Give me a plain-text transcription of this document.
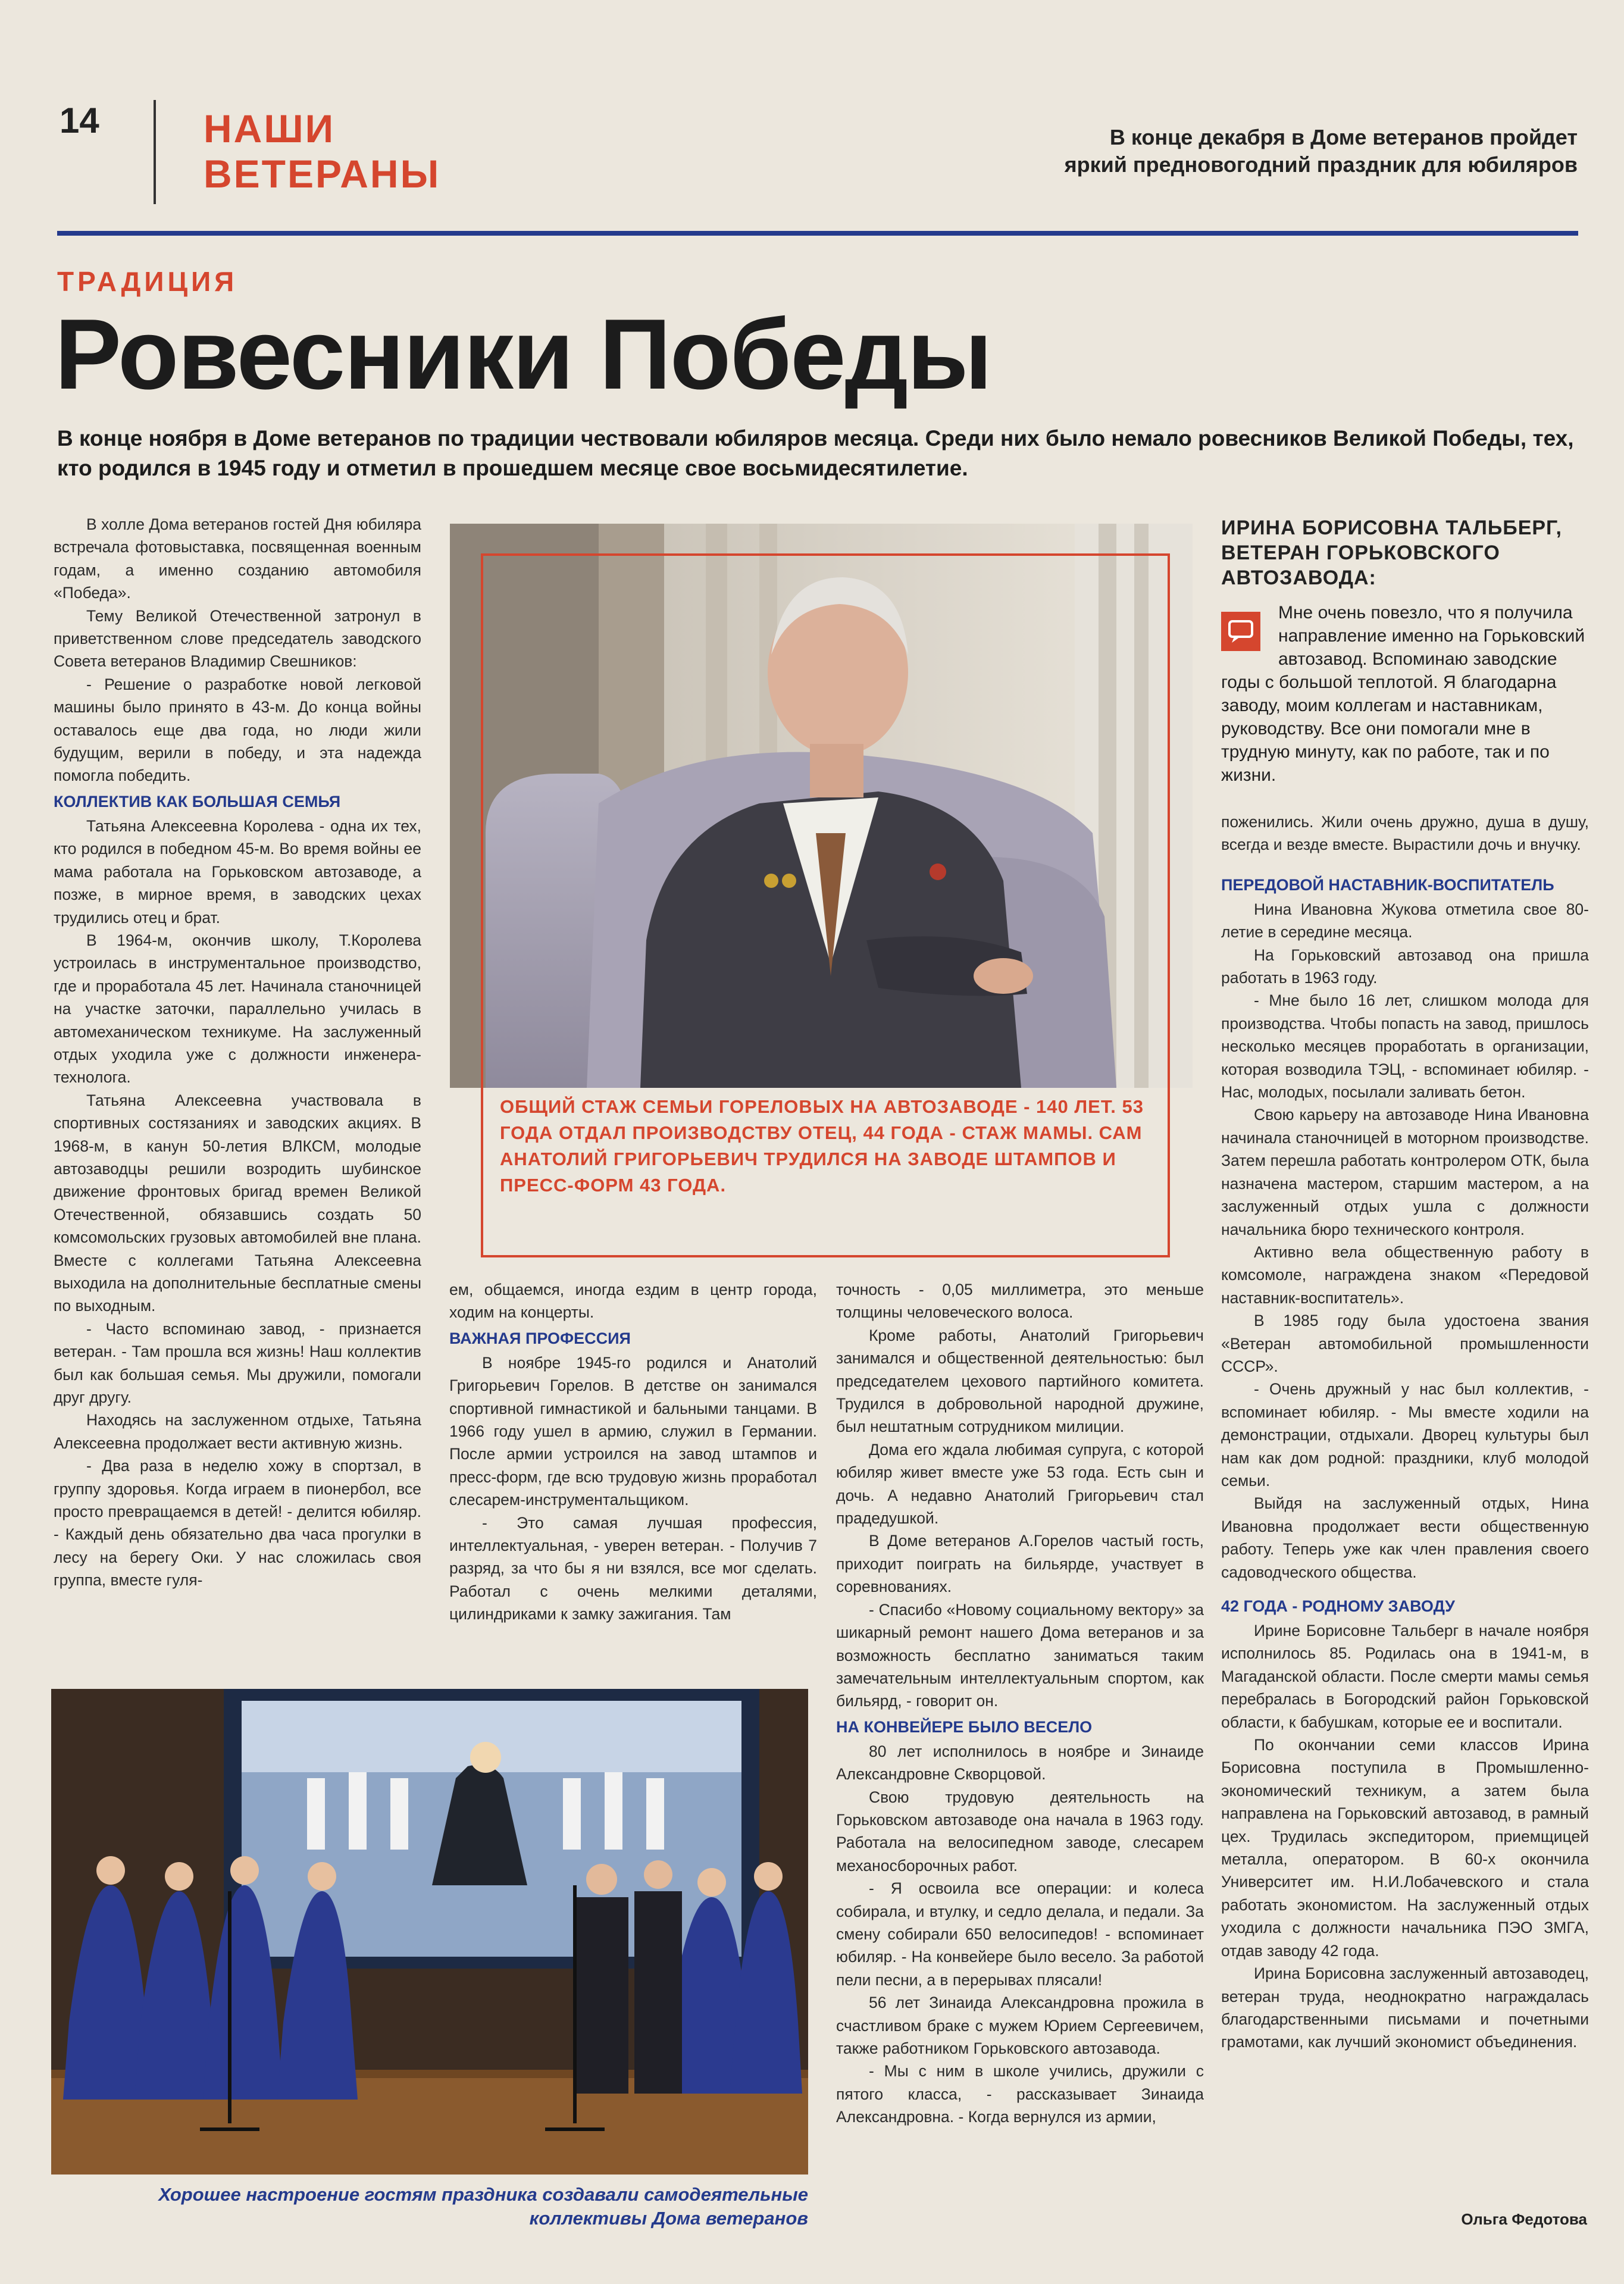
14	НАШИ
ВЕТЕРАНЫ
В конце декабря в Доме ветеранов пройдет яркий предновогодний праздник для юбиляров
ТРАДИЦИЯ
Ровесники Победы
В конце ноября в Доме ветеранов по традиции чествовали юбиляров месяца. Среди них было немало ровесников Великой Победы, тех, кто родился в 1945 году и отметил в прошедшем месяце свое восьмидесятилетие.

В холле Дома ветеранов гостей Дня юбиляра встречала фотовыставка, посвященная военным годам, а именно созданию автомобиля «Победа».

Тему Великой Отечественной затронул в приветственном слове председатель заводского Совета ветеранов Владимир Свешников:

- Решение о разработке новой легковой машины было принято в 43-м. До конца войны оставалось еще два года, но люди жили будущим, верили в победу, и эта надежда помогла победить.

КОЛЛЕКТИВ КАК БОЛЬШАЯ СЕМЬЯ

Татьяна Алексеевна Королева - одна их тех, кто родился в победном 45-м. Во время войны ее мама работала на Горьковском автозаводе, а позже, в мирное время, в заводских цехах трудились отец и брат.

В 1964-м, окончив школу, Т.Королева устроилась в инструментальное производство, где и проработала 45 лет. Начинала станочницей на участке заточки, параллельно училась в автомеханическом техникуме. На заслуженный отдых уходила уже с должности инженера-технолога.

Татьяна Алексеевна участвовала в спортивных состязаниях и заводских акциях. В 1968-м, в канун 50-летия ВЛКСМ, молодые автозаводцы решили возродить шубинское движение фронтовых бригад времен Великой Отечественной, обязавшись создать 50 комсомольских грузовых автомобилей вне плана. Вместе с коллегами Татьяна Алексеевна выходила на дополнительные бесплатные смены по выходным.

- Часто вспоминаю завод, - признается ветеран. - Там прошла вся жизнь! Наш коллектив был как большая семья. Мы дружили, помогали друг другу.

Находясь на заслуженном отдыхе, Татьяна Алексеевна продолжает вести активную жизнь.

- Два раза в неделю хожу в спортзал, в группу здоровья. Когда играем в пионербол, все просто превращаемся в детей! - делится юбиляр. - Каждый день обязательно два часа прогулки в лесу на берегу Оки. У нас сложилась своя группа, вместе гуля-

ОБЩИЙ СТАЖ СЕМЬИ ГОРЕЛОВЫХ НА АВТОЗАВОДЕ - 140 ЛЕТ. 53 ГОДА ОТДАЛ ПРОИЗВОДСТВУ ОТЕЦ, 44 ГОДА - СТАЖ МАМЫ. САМ АНАТОЛИЙ ГРИГОРЬЕВИЧ ТРУДИЛСЯ НА ЗАВОДЕ ШТАМПОВ И ПРЕСС-ФОРМ 43 ГОДА.

ем, общаемся, иногда ездим в центр города, ходим на концерты.

ВАЖНАЯ ПРОФЕССИЯ

В ноябре 1945-го родился и Анатолий Григорьевич Горелов. В детстве он занимался спортивной гимнастикой и бальными танцами. В 1966 году ушел в армию, служил в Германии. После армии устроился на завод штампов и пресс-форм, где всю трудовую жизнь проработал слесарем-инструментальщиком.

- Это самая лучшая профессия, интеллектуальная, - уверен ветеран. - Получив 7 разряд, за что бы я ни взялся, все мог сделать. Работал с очень мелкими деталями, цилиндриками к замку зажигания. Там

точность - 0,05 миллиметра, это меньше толщины человеческого волоса.

Кроме работы, Анатолий Григорьевич занимался и общественной деятельностью: был председателем цехового партийного комитета. Трудился в добровольной народной дружине, был нештатным сотрудником милиции.

Дома его ждала любимая супруга, с которой юбиляр живет вместе уже 53 года. Есть сын и дочь. А недавно Анатолий Григорьевич стал прадедушкой.

В Доме ветеранов А.Горелов частый гость, приходит поиграть на бильярде, участвует в соревнованиях.

- Спасибо «Новому социальному вектору» за шикарный ремонт нашего Дома ветеранов и за возможность бесплатно заниматься таким замечательным интеллектуальным спортом, как бильярд, - говорит он.

НА КОНВЕЙЕРЕ БЫЛО ВЕСЕЛО

80 лет исполнилось в ноябре и Зинаиде Александровне Скворцовой.

Свою трудовую деятельность на Горьковском автозаводе она начала в 1963 году. Работала на велосипедном заводе, слесарем механосборочных работ.

- Я освоила все операции: и колеса собирала, и втулку, и седло делала, и педали. За смену собирали 650 велосипедов! - вспоминает юбиляр. - На конвейере было весело. За работой пели песни, а в перерывах плясали!

56 лет Зинаида Александровна прожила в счастливом браке с мужем Юрием Сергеевичем, также работником Горьковского автозавода.

- Мы с ним в школе учились, дружили с пятого класса, - рассказывает Зинаида Александровна. - Когда вернулся из армии,

ИРИНА БОРИСОВНА ТАЛЬБЕРГ, ВЕТЕРАН ГОРЬКОВСКОГО АВТОЗАВОДА:
Мне очень повезло, что я получила направление именно на Горьковский автозавод. Вспоминаю заводские годы с большой теплотой. Я благодарна заводу, моим коллегам и наставникам, руководству. Все они помогали мне в трудную минуту, как по работе, так и по жизни.

поженились. Жили очень дружно, душа в душу, всегда и везде вместе. Вырастили дочь и внучку.

ПЕРЕДОВОЙ НАСТАВНИК-ВОСПИТАТЕЛЬ

Нина Ивановна Жукова отметила свое 80-летие в середине месяца.

На Горьковский автозавод она пришла работать в 1963 году.

- Мне было 16 лет, слишком молода для производства. Чтобы попасть на завод, пришлось несколько месяцев проработать в организации, которая возводила ТЭЦ, - вспоминает юбиляр. - Нас, молодых, посылали заливать бетон.

Свою карьеру на автозаводе Нина Ивановна начинала станочницей в моторном производстве. Затем перешла работать контролером ОТК, была назначена мастером, старшим мастером, а на заслуженный отдых ушла с должности начальника бюро технического контроля.

Активно вела общественную работу в комсомоле, награждена знаком «Передовой наставник-воспитатель».

В 1985 году была удостоена звания «Ветеран автомобильной промышленности СССР».

- Очень дружный у нас был коллектив, - вспоминает юбиляр. - Мы вместе ходили на демонстрации, отдыхали. Дворец культуры был нам как дом родной: праздники, клуб молодой семьи.

Выйдя на заслуженный отдых, Нина Ивановна продолжает вести общественную работу. Теперь уже как член правления своего садоводческого общества.

42 ГОДА - РОДНОМУ ЗАВОДУ

Ирине Борисовне Тальберг в начале ноября исполнилось 85. Родилась она в 1941-м, в Магаданской области. После смерти мамы семья перебралась в Богородский район Горьковской области, к бабушкам, которые ее и воспитали.

По окончании семи классов Ирина Борисовна поступила в Промышленно-экономический техникум, а затем была направлена на Горьковский автозавод, в рамный цех. Трудилась экспедитором, приемщицей металла, оператором. В 60-х окончила Университет им. Н.И.Лобачевского и стала работать экономистом. На заслуженный отдых уходила с должности начальника ПЭО ЗМГА, отдав заводу 42 года.

Ирина Борисовна заслуженный автозаводец, ветеран труда, неоднократно награждалась благодарственными письмами и почетными грамотами, как лучший экономист объединения.

Хорошее настроение гостям праздника создавали самодеятельные коллективы Дома ветеранов	Ольга Федотова
